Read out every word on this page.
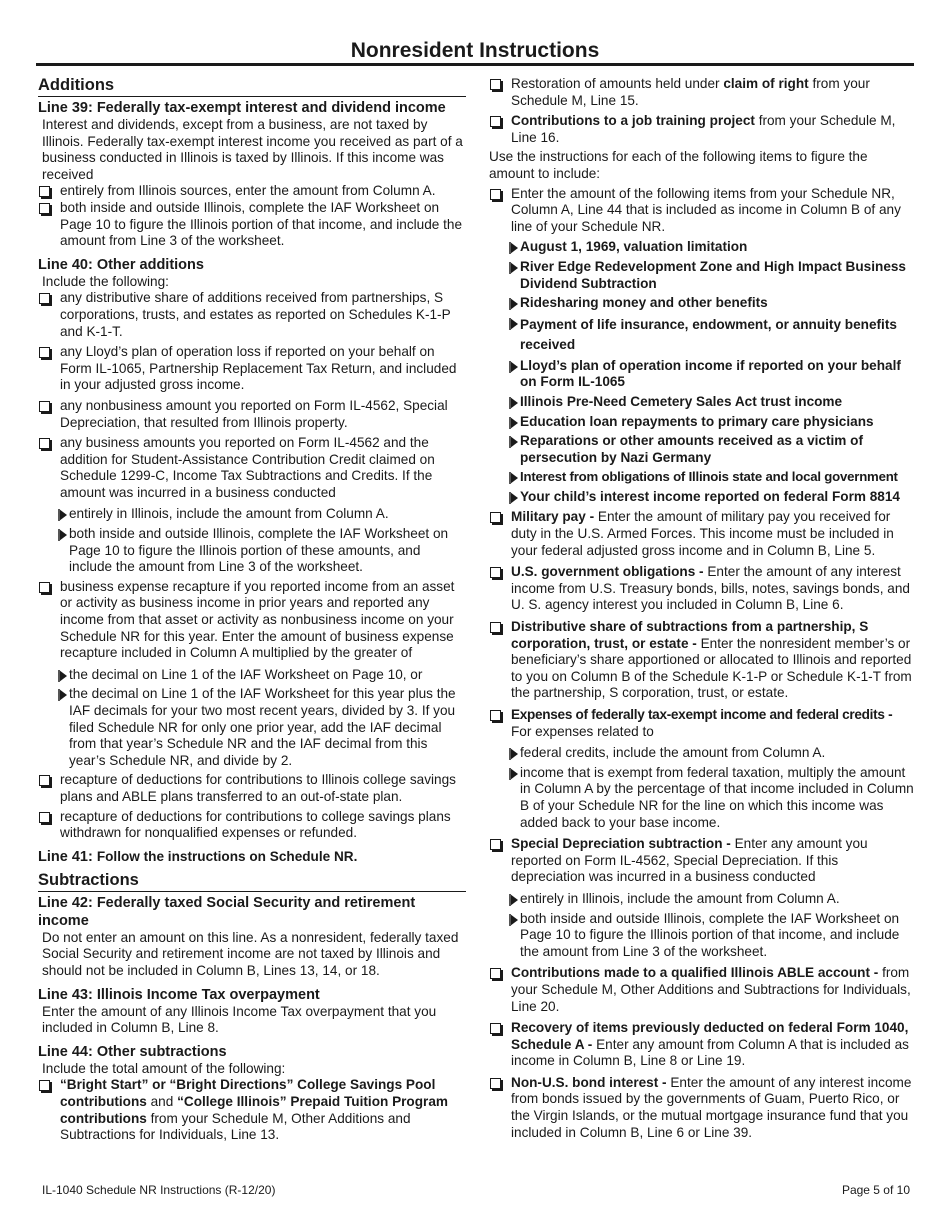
Nonresident Instructions
Additions
Line 39: Federally tax-exempt interest and dividend income
Interest and dividends, except from a business, are not taxed by Illinois. Federally tax-exempt interest income you received as part of a business conducted in Illinois is taxed by Illinois. If this income was received
entirely from Illinois sources, enter the amount from Column A.
both inside and outside Illinois, complete the IAF Worksheet on Page 10 to figure the Illinois portion of that income, and include the amount from Line 3 of the worksheet.
Line 40: Other additions
Include the following:
any distributive share of additions received from partnerships, S corporations, trusts, and estates as reported on Schedules K-1-P and K-1-T.
any Lloyd’s plan of operation loss if reported on your behalf on Form IL-1065, Partnership Replacement Tax Return, and included in your adjusted gross income.
any nonbusiness amount you reported on Form IL-4562, Special Depreciation, that resulted from Illinois property.
any business amounts you reported on Form IL-4562 and the addition for Student-Assistance Contribution Credit claimed on Schedule 1299-C, Income Tax Subtractions and Credits. If the amount was incurred in a business conducted
entirely in Illinois, include the amount from Column A.
both inside and outside Illinois, complete the IAF Worksheet on Page 10 to figure the Illinois portion of these amounts, and include the amount from Line 3 of the worksheet.
business expense recapture if you reported income from an asset or activity as business income in prior years and reported any income from that asset or activity as nonbusiness income on your Schedule NR for this year. Enter the amount of business expense recapture included in Column A multiplied by the greater of
the decimal on Line 1 of the IAF Worksheet on Page 10, or
the decimal on Line 1 of the IAF Worksheet for this year plus the IAF decimals for your two most recent years, divided by 3. If you filed Schedule NR for only one prior year, add the IAF decimal from that year’s Schedule NR and the IAF decimal from this year’s Schedule NR, and divide by 2.
recapture of deductions for contributions to Illinois college savings plans and ABLE plans transferred to an out-of-state plan.
recapture of deductions for contributions to college savings plans withdrawn for nonqualified expenses or refunded.
Line 41: Follow the instructions on Schedule NR.
Subtractions
Line 42: Federally taxed Social Security and retirement income
Do not enter an amount on this line. As a nonresident, federally taxed Social Security and retirement income are not taxed by Illinois and should not be included in Column B, Lines 13, 14, or 18.
Line 43: Illinois Income Tax overpayment
Enter the amount of any Illinois Income Tax overpayment that you included in Column B, Line 8.
Line 44: Other subtractions
Include the total amount of the following:
“Bright Start” or “Bright Directions” College Savings Pool contributions and “College Illinois” Prepaid Tuition Program contributions from your Schedule M, Other Additions and Subtractions for Individuals, Line 13.
Restoration of amounts held under claim of right from your Schedule M, Line 15.
Contributions to a job training project from your Schedule M, Line 16.
Use the instructions for each of the following items to figure the amount to include:
Enter the amount of the following items from your Schedule NR, Column A, Line 44 that is included as income in Column B of any line of your Schedule NR.
August 1, 1969, valuation limitation
River Edge Redevelopment Zone and High Impact Business Dividend Subtraction
Ridesharing money and other benefits
Payment of life insurance, endowment, or annuity benefits received
Lloyd’s plan of operation income if reported on your behalf on Form IL-1065
Illinois Pre-Need Cemetery Sales Act trust income
Education loan repayments to primary care physicians
Reparations or other amounts received as a victim of persecution by Nazi Germany
Interest from obligations of Illinois state and local government
Your child’s interest income reported on federal Form 8814
Military pay - Enter the amount of military pay you received for duty in the U.S. Armed Forces. This income must be included in your federal adjusted gross income and in Column B, Line 5.
U.S. government obligations - Enter the amount of any interest income from U.S. Treasury bonds, bills, notes, savings bonds, and U. S. agency interest you included in Column B, Line 6.
Distributive share of subtractions from a partnership, S corporation, trust, or estate - Enter the nonresident member’s or beneficiary’s share apportioned or allocated to Illinois and reported to you on Column B of the Schedule K-1-P or Schedule K-1-T from the partnership, S corporation, trust, or estate.
Expenses of federally tax-exempt income and federal credits - For expenses related to
federal credits, include the amount from Column A.
income that is exempt from federal taxation, multiply the amount in Column A by the percentage of that income included in Column B of your Schedule NR for the line on which this income was added back to your base income.
Special Depreciation subtraction - Enter any amount you reported on Form IL-4562, Special Depreciation. If this depreciation was incurred in a business conducted
entirely in Illinois, include the amount from Column A.
both inside and outside Illinois, complete the IAF Worksheet on Page 10 to figure the Illinois portion of that income, and include the amount from Line 3 of the worksheet.
Contributions made to a qualified Illinois ABLE account - from your Schedule M, Other Additions and Subtractions for Individuals, Line 20.
Recovery of items previously deducted on federal Form 1040, Schedule A - Enter any amount from Column A that is included as income in Column B, Line 8 or Line 19.
Non-U.S. bond interest - Enter the amount of any interest income from bonds issued by the governments of Guam, Puerto Rico, or the Virgin Islands, or the mutual mortgage insurance fund that you included in Column B, Line 6 or Line 39.
IL-1040 Schedule NR Instructions (R-12/20)	Page 5 of 10
